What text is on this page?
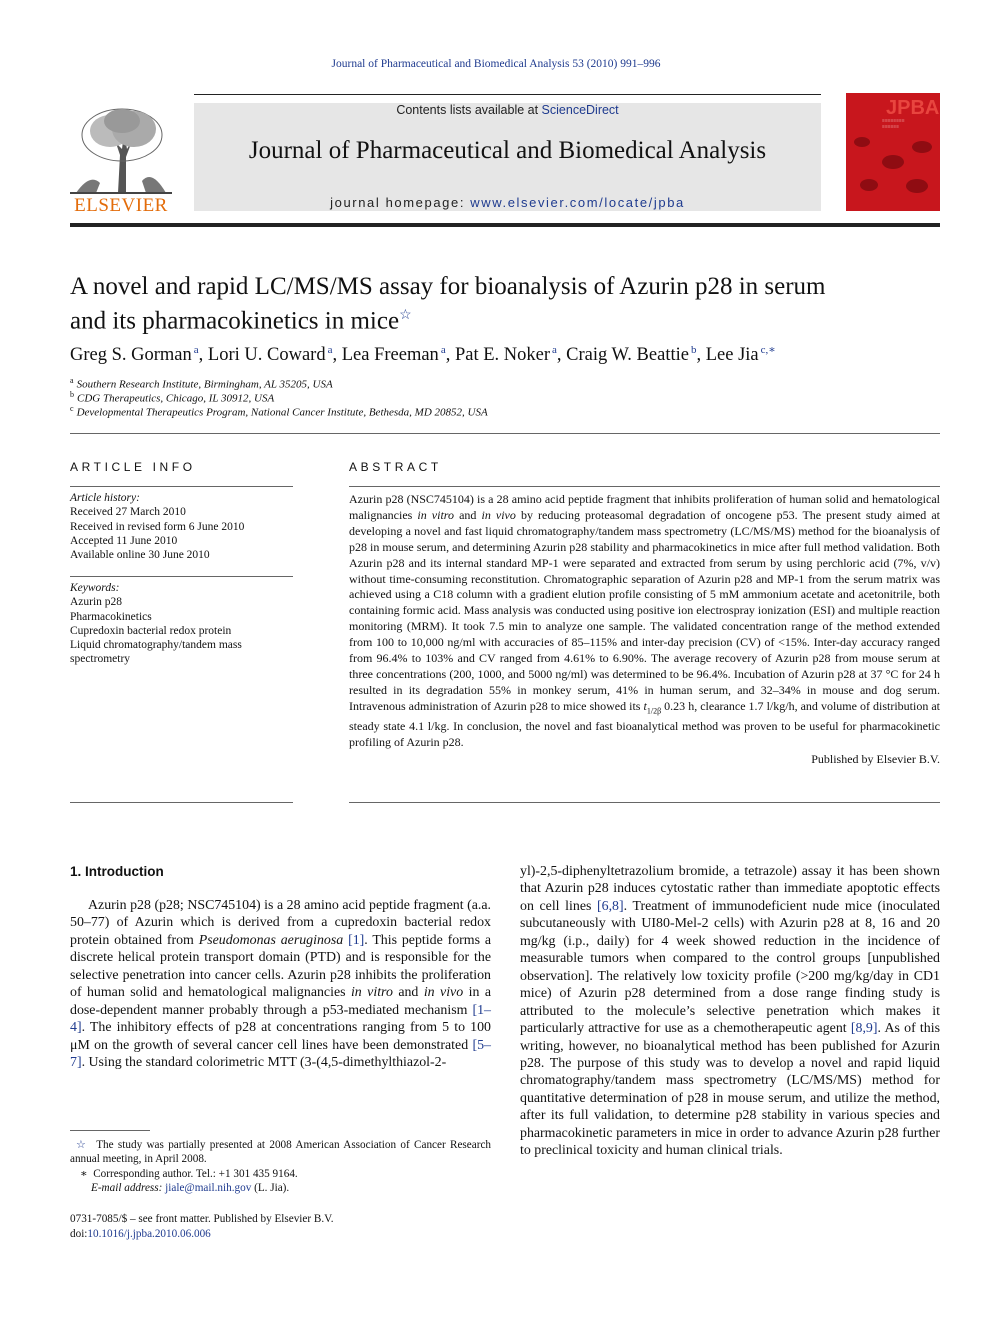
Journal of Pharmaceutical and Biomedical Analysis 53 (2010) 991–996
ELSEVIER
Contents lists available at ScienceDirect
Journal of Pharmaceutical and Biomedical Analysis
journal homepage: www.elsevier.com/locate/jpba
JPBA
≡≡≡≡≡≡≡≡
≡≡≡≡≡≡
A novel and rapid LC/MS/MS assay for bioanalysis of Azurin p28 in serum
and its pharmacokinetics in mice☆
Greg S. Gorman $^a$, Lori U. Coward $^a$, Lea Freeman $^a$, Pat E. Noker $^a$, Craig W. Beattie $^b$, Lee Jia $^{c,∗}$
$^a$ Southern Research Institute, Birmingham, AL 35205, USA
$^b$ CDG Therapeutics, Chicago, IL 30912, USA
$^c$ Developmental Therapeutics Program, National Cancer Institute, Bethesda, MD 20852, USA
ARTICLE INFO
Article history:
Received 27 March 2010
Received in revised form 6 June 2010
Accepted 11 June 2010
Available online 30 June 2010
Keywords:
Azurin p28
Pharmacokinetics
Cupredoxin bacterial redox protein
Liquid chromatography/tandem mass
spectrometry
ABSTRACT
Azurin p28 (NSC745104) is a 28 amino acid peptide fragment that inhibits proliferation of human solid and hematological malignancies in vitro and in vivo by reducing proteasomal degradation of oncogene p53. The present study aimed at developing a novel and fast liquid chromatography/tandem mass spectrometry (LC/MS/MS) method for the bioanalysis of p28 in mouse serum, and determining Azurin p28 stability and pharmacokinetics in mice after full method validation. Both Azurin p28 and its internal standard MP-1 were separated and extracted from serum by using perchloric acid (7%, v/v) without time-consuming reconstitution. Chromatographic separation of Azurin p28 and MP-1 from the serum matrix was achieved using a C18 column with a gradient elution profile consisting of 5 mM ammonium acetate and acetonitrile, both containing formic acid. Mass analysis was conducted using positive ion electrospray ionization (ESI) and multiple reaction monitoring (MRM). It took 7.5 min to analyze one sample. The validated concentration range of the method extended from 100 to 10,000 ng/ml with accuracies of 85–115% and inter-day precision (CV) of <15%. Inter-day accuracy ranged from 96.4% to 103% and CV ranged from 4.61% to 6.90%. The average recovery of Azurin p28 from mouse serum at three concentrations (200, 1000, and 5000 ng/ml) was determined to be 96.4%. Incubation of Azurin p28 at 37 °C for 24 h resulted in its degradation 55% in monkey serum, 41% in human serum, and 32–34% in mouse and dog serum. Intravenous administration of Azurin p28 to mice showed its $t_{1/2\beta}$ 0.23 h, clearance 1.7 l/kg/h, and volume of distribution at steady state 4.1 l/kg. In conclusion, the novel and fast bioanalytical method was proven to be useful for pharmacokinetic profiling of Azurin p28.
Published by Elsevier B.V.
1. Introduction

Azurin p28 (p28; NSC745104) is a 28 amino acid peptide fragment (a.a. 50–77) of Azurin which is derived from a cupredoxin bacterial redox protein obtained from Pseudomonas aeruginosa [1]. This peptide forms a discrete helical protein transport domain (PTD) and is responsible for the selective penetration into cancer cells. Azurin p28 inhibits the proliferation of human solid and hematological malignancies in vitro and in vivo in a dose-dependent manner probably through a p53-mediated mechanism [1–4]. The inhibitory effects of p28 at concentrations ranging from 5 to 100 μM on the growth of several cancer cell lines have been demonstrated [5–7]. Using the standard colorimetric MTT (3-(4,5-dimethylthiazol-2-

yl)-2,5-diphenyltetrazolium bromide, a tetrazole) assay it has been shown that Azurin p28 induces cytostatic rather than immediate apoptotic effects on cell lines [6,8]. Treatment of immunodeficient nude mice (inoculated subcutaneously with UI80-Mel-2 cells) with Azurin p28 at 8, 16 and 20 mg/kg (i.p., daily) for 4 week showed reduction in the incidence of measurable tumors when compared to the control groups [unpublished observation]. The relatively low toxicity profile (>200 mg/kg/day in CD1 mice) of Azurin p28 determined from a dose range finding study is attributed to the molecule’s selective penetration which makes it particularly attractive for use as a chemotherapeutic agent [8,9]. As of this writing, however, no bioanalytical method has been published for Azurin p28. The purpose of this study was to develop a novel and rapid liquid chromatography/tandem mass spectrometry (LC/MS/MS) method for quantitative determination of p28 in mouse serum, and utilize the method, after its full validation, to determine p28 stability in various species and pharmacokinetic parameters in mice in order to advance Azurin p28 further to preclinical toxicity and human clinical trials.

☆ The study was partially presented at 2008 American Association of Cancer Research annual meeting, in April 2008.
∗ Corresponding author. Tel.: +1 301 435 9164.
E-mail address: jiale@mail.nih.gov (L. Jia).
0731-7085/$ – see front matter. Published by Elsevier B.V.
doi:10.1016/j.jpba.2010.06.006
